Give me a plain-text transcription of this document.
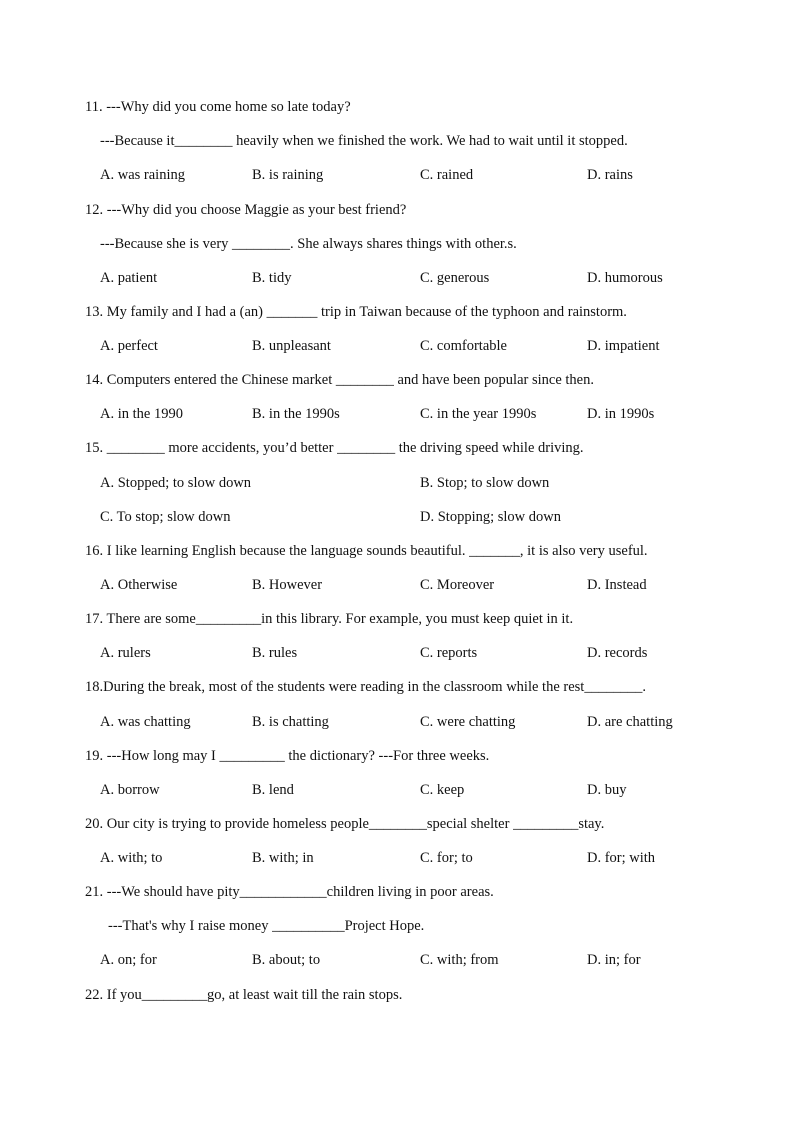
11. ---Why did you come home so late today?
---Because it________ heavily when we finished the work. We had to wait until it stopped.
A. was raining	B. is raining	C. rained	D. rains
12. ---Why did you choose Maggie as your best friend?
---Because she is very ________. She always shares things with other.s.
A. patient	B. tidy	C. generous	D. humorous
13. My family and I had a (an) _______ trip in Taiwan because of the typhoon and rainstorm.
A. perfect	B. unpleasant	C. comfortable	D. impatient
14. Computers entered the Chinese market ________ and have been popular since then.
A. in the 1990	B. in the 1990s	C. in the year 1990s	D. in 1990s
15. ________ more accidents, you’d better ________ the driving speed while driving.
A. Stopped; to slow down	B. Stop; to slow down
C. To stop; slow down	D. Stopping; slow down
16. I like learning English because the language sounds beautiful. _______, it is also very useful.
A. Otherwise	B. However	C. Moreover	D. Instead
17. There are some_________in this library. For example, you must keep quiet in it.
A. rulers	B. rules	C. reports	D. records
18.During the break, most of the students were reading in the classroom while the rest________.
A. was chatting	B. is chatting	C. were chatting	D. are chatting
19. ---How long may I _________ the dictionary? ---For three weeks.
A. borrow	B. lend	C. keep	D. buy
20. Our city is trying to provide homeless people________special shelter _________stay.
A. with; to	B. with; in	C. for; to	D. for; with
21. ---We should have pity____________children living in poor areas.
---That's why I raise money __________Project Hope.
A. on; for	B. about; to	C. with; from	D. in; for
22. If you_________go, at least wait till the rain stops.
